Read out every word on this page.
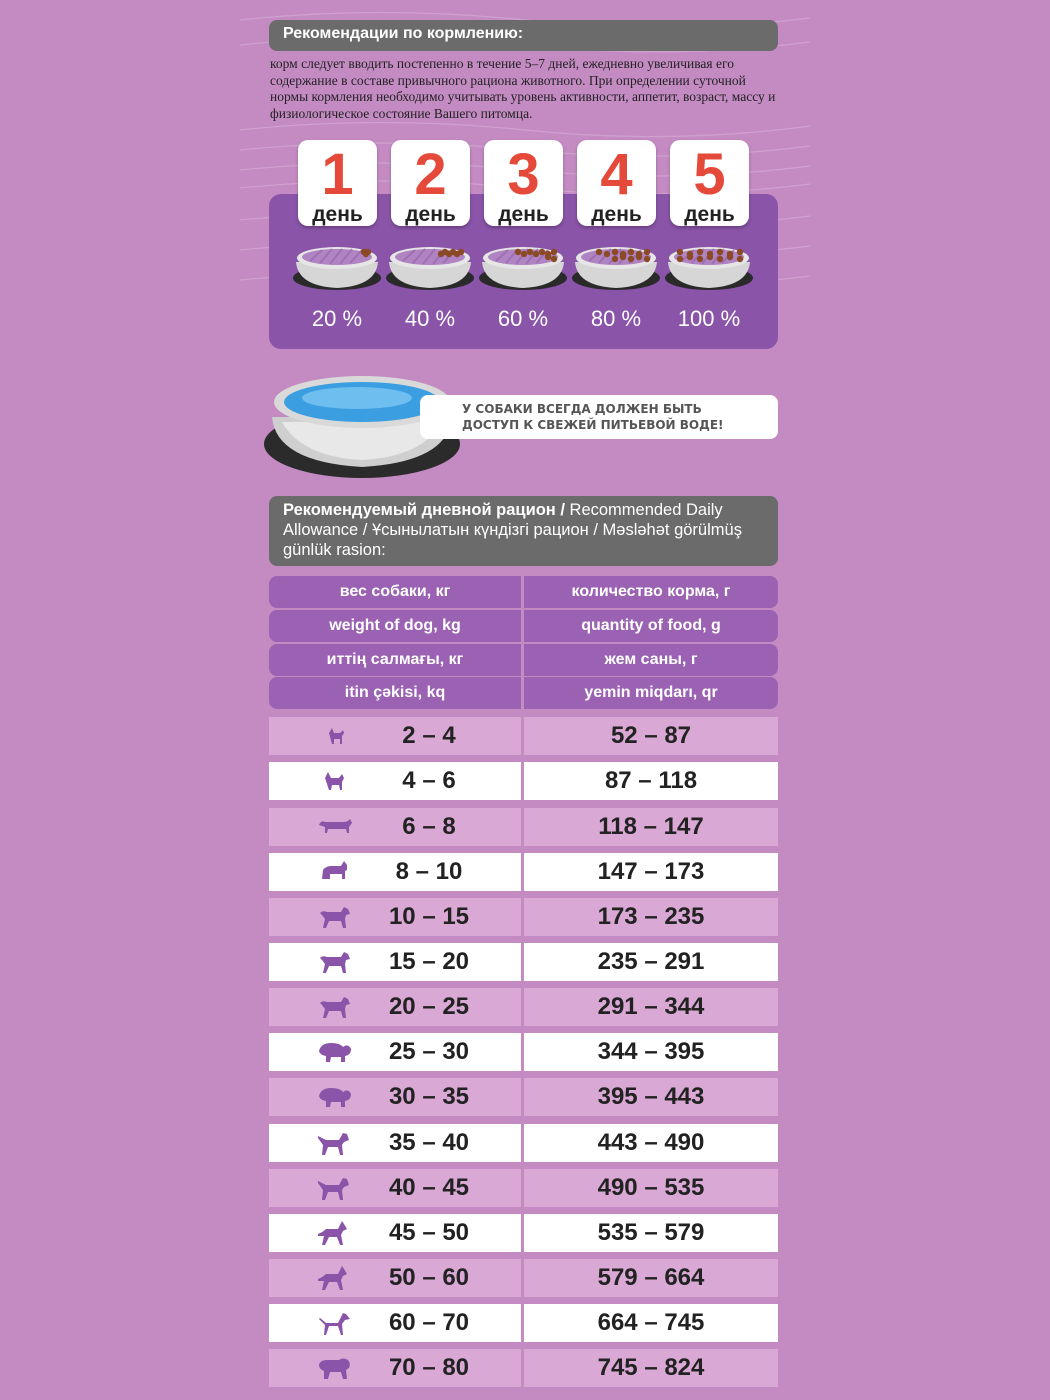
Рекомендации по кормлению:
корм следует вводить постепенно в течение 5–7 дней, ежедневно увеличивая его содержание в составе привычного рациона животного. При определении суточной нормы кормления необходимо учитывать уровень активности, аппетит, возраст, массу и физиологическое состояние Вашего питомца.
1
день
20 %
2
день
40 %
3
день
60 %
4
день
80 %
5
день
100 %
У СОБАКИ ВСЕГДА ДОЛЖЕН БЫТЬ
ДОСТУП К СВЕЖЕЙ ПИТЬЕВОЙ ВОДЕ!
Рекомендуемый дневной рацион / Recommended Daily Allowance / Ұсынылатын күндізгі рацион / Məsləhət görülmüş günlük rasion:
вес собаки, кг	количество корма, г
weight of dog, kg	quantity of food, g
иттің салмағы, кг	жем саны, г
itin çəkisi, kq	yemin miqdarı, qr
2 – 4	52 – 87
4 – 6	87 – 118
6 – 8	118 – 147
8 – 10	147 – 173
10 – 15	173 – 235
15 – 20	235 – 291
20 – 25	291 – 344
25 – 30	344 – 395
30 – 35	395 – 443
35 – 40	443 – 490
40 – 45	490 – 535
45 – 50	535 – 579
50 – 60	579 – 664
60 – 70	664 – 745
70 – 80	745 – 824
